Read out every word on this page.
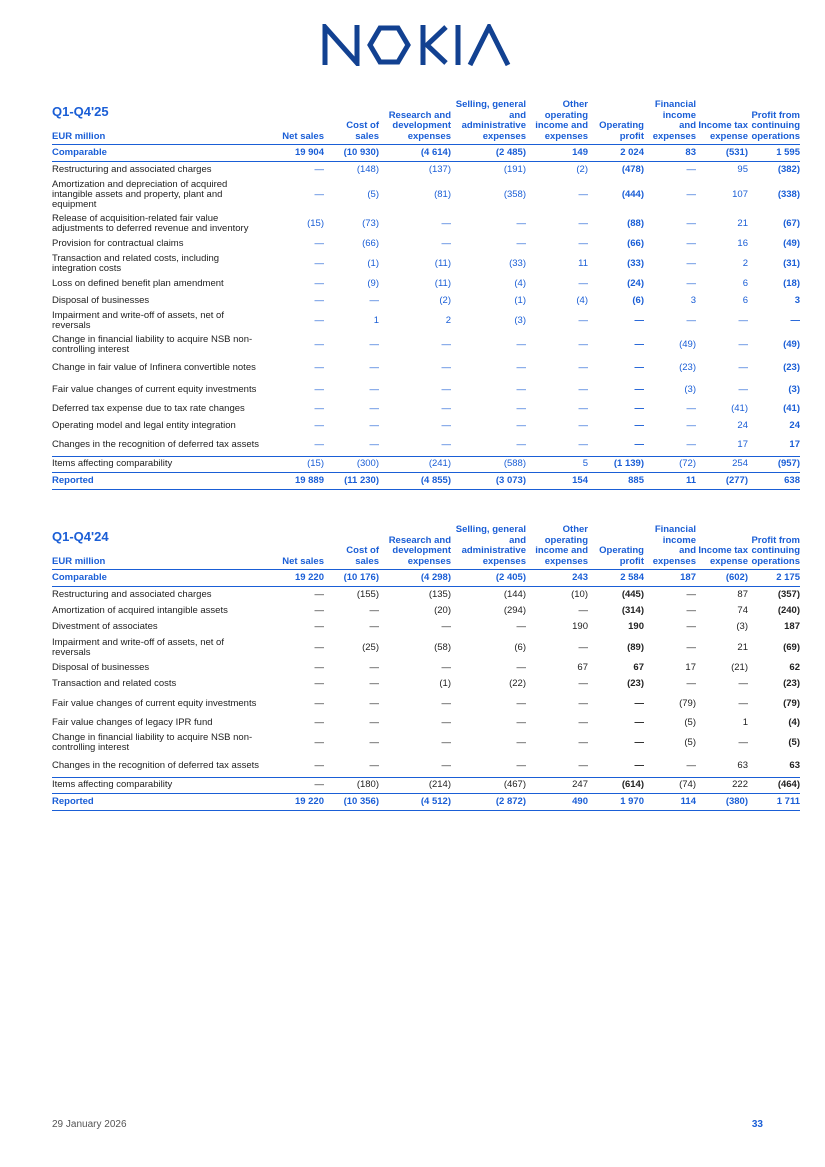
Q1-Q4'25
EUR million	Net sales	Cost of sales	Research and development expenses	Selling, general and administrative expenses	Other operating income and expenses	Operating profit	Financial income and expenses	Income tax expense	Profit from continuing operations
Comparable	19 904	(10 930)	(4 614)	(2 485)	149	2 024	83	(531)	1 595
Restructuring and associated charges	—	(148)	(137)	(191)	(2)	(478)	—	95	(382)
Amortization and depreciation of acquired intangible assets and property, plant and equipment	—	(5)	(81)	(358)	—	(444)	—	107	(338)
Release of acquisition-related fair value adjustments to deferred revenue and inventory	(15)	(73)	—	—	—	(88)	—	21	(67)
Provision for contractual claims	—	(66)	—	—	—	(66)	—	16	(49)
Transaction and related costs, including integration costs	—	(1)	(11)	(33)	11	(33)	—	2	(31)
Loss on defined benefit plan amendment	—	(9)	(11)	(4)	—	(24)	—	6	(18)
Disposal of businesses	—	—	(2)	(1)	(4)	(6)	3	6	3
Impairment and write-off of assets, net of reversals	—	1	2	(3)	—	—	—	—	—
Change in financial liability to acquire NSB non-controlling interest	—	—	—	—	—	—	(49)	—	(49)
Change in fair value of Infinera convertible notes	—	—	—	—	—	—	(23)	—	(23)
Fair value changes of current equity investments	—	—	—	—	—	—	(3)	—	(3)
Deferred tax expense due to tax rate changes	—	—	—	—	—	—	—	(41)	(41)
Operating model and legal entity integration	—	—	—	—	—	—	—	24	24
Changes in the recognition of deferred tax assets	—	—	—	—	—	—	—	17	17
Items affecting comparability	(15)	(300)	(241)	(588)	5	(1 139)	(72)	254	(957)
Reported	19 889	(11 230)	(4 855)	(3 073)	154	885	11	(277)	638
Q1-Q4'24
EUR million	Net sales	Cost of sales	Research and development expenses	Selling, general and administrative expenses	Other operating income and expenses	Operating profit	Financial income and expenses	Income tax expense	Profit from continuing operations
Comparable	19 220	(10 176)	(4 298)	(2 405)	243	2 584	187	(602)	2 175
Restructuring and associated charges	—	(155)	(135)	(144)	(10)	(445)	—	87	(357)
Amortization of acquired intangible assets	—	—	(20)	(294)	—	(314)	—	74	(240)
Divestment of associates	—	—	—	—	190	190	—	(3)	187
Impairment and write-off of assets, net of reversals	—	(25)	(58)	(6)	—	(89)	—	21	(69)
Disposal of businesses	—	—	—	—	67	67	17	(21)	62
Transaction and related costs	—	—	(1)	(22)	—	(23)	—	—	(23)
Fair value changes of current equity investments	—	—	—	—	—	—	(79)	—	(79)
Fair value changes of legacy IPR fund	—	—	—	—	—	—	(5)	1	(4)
Change in financial liability to acquire NSB non-controlling interest	—	—	—	—	—	—	(5)	—	(5)
Changes in the recognition of deferred tax assets	—	—	—	—	—	—	—	63	63
Items affecting comparability	—	(180)	(214)	(467)	247	(614)	(74)	222	(464)
Reported	19 220	(10 356)	(4 512)	(2 872)	490	1 970	114	(380)	1 711
29 January 2026	33
